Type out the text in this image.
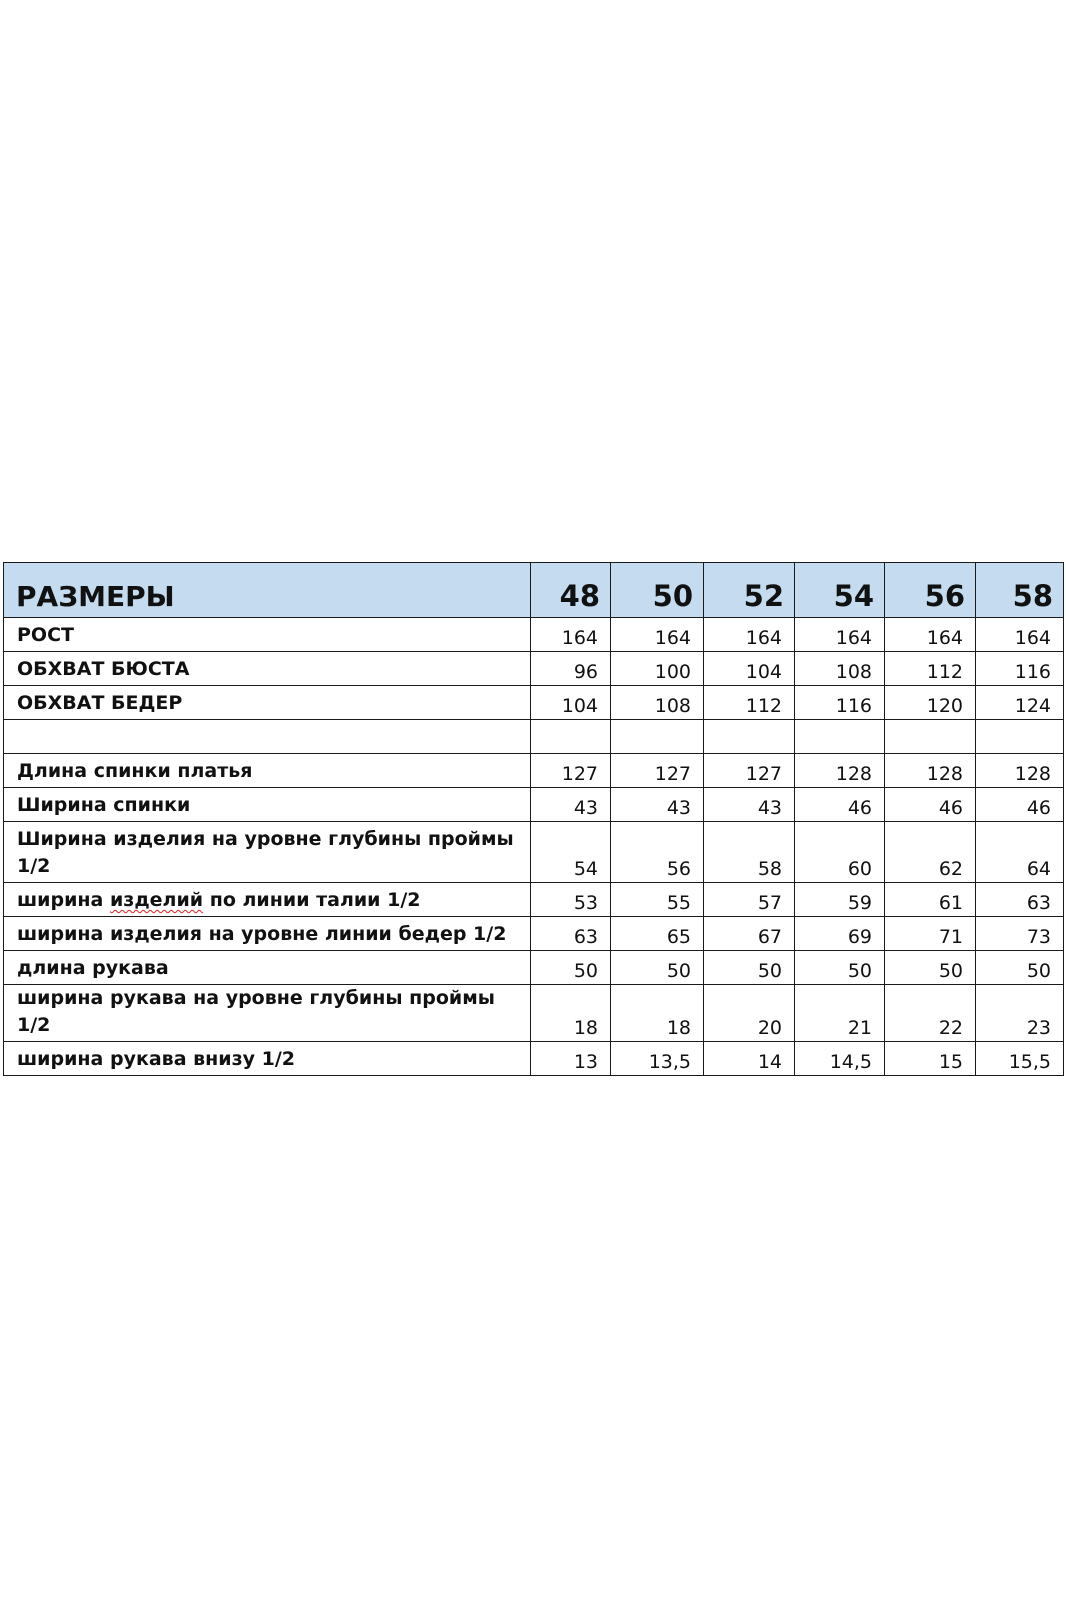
РАЗМЕРЫ	48	50	52	54	56	58
РОСТ	164	164	164	164	164	164
ОБХВАТ БЮСТА	96	100	104	108	112	116
ОБХВАТ БЕДЕР	104	108	112	116	120	124

Длина спинки платья	127	127	127	128	128	128
Ширина спинки	43	43	43	46	46	46
Ширина изделия на уровне глубины проймы 1/2	54	56	58	60	62	64
ширина изделий по линии талии 1/2	53	55	57	59	61	63
ширина изделия на уровне линии бедер 1/2	63	65	67	69	71	73
длина рукава	50	50	50	50	50	50
ширина рукава на уровне глубины проймы 1/2	18	18	20	21	22	23
ширина рукава внизу 1/2	13	13,5	14	14,5	15	15,5
